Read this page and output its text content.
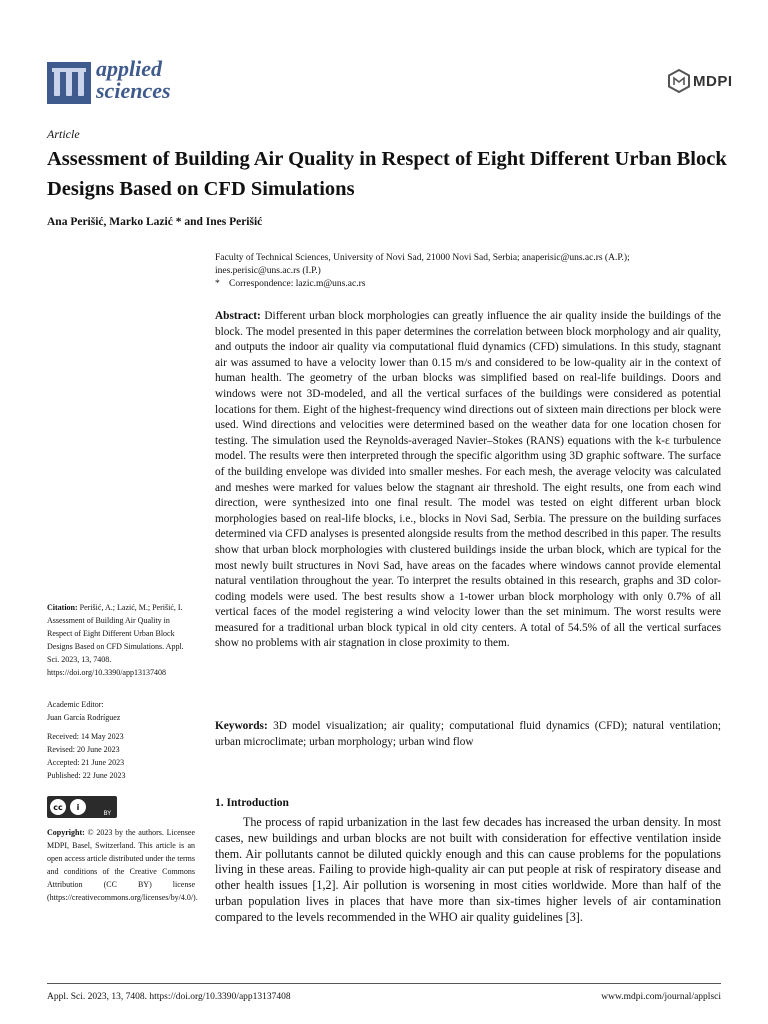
applied
sciences	MDPI
Article
Assessment of Building Air Quality in Respect of Eight Different Urban Block Designs Based on CFD Simulations
Ana Perišić, Marko Lazić * and Ines Perišić
Faculty of Technical Sciences, University of Novi Sad, 21000 Novi Sad, Serbia; anaperisic@uns.ac.rs (A.P.);
ines.perisic@uns.ac.rs (I.P.)
* Correspondence: lazic.m@uns.ac.rs
Abstract: Different urban block morphologies can greatly influence the air quality inside the buildings of the block. The model presented in this paper determines the correlation between block morphology and air quality, and outputs the indoor air quality via computational fluid dynamics (CFD) simulations. In this study, stagnant air was assumed to have a velocity lower than 0.15 m/s and considered to be low-quality air in the context of human health. The geometry of the urban blocks was simplified based on real-life buildings. Doors and windows were not 3D-modeled, and all the vertical surfaces of the buildings were considered as potential locations for them. Eight of the highest-frequency wind directions out of sixteen main directions per block were used. Wind directions and velocities were determined based on the weather data for one location chosen for testing. The simulation used the Reynolds-averaged Navier–Stokes (RANS) equations with the k-ε turbulence model. The results were then interpreted through the specific algorithm using 3D graphic software. The surface of the building envelope was divided into smaller meshes. For each mesh, the average velocity was calculated and meshes were marked for values below the stagnant air threshold. The eight results, one from each wind direction, were synthesized into one final result. The model was tested on eight different urban block morphologies based on real-life blocks, i.e., blocks in Novi Sad, Serbia. The pressure on the building surfaces determined via CFD analyses is presented alongside results from the method described in this paper. The results show that urban block morphologies with clustered buildings inside the urban block, which are typical for the most newly built structures in Novi Sad, have areas on the facades where windows cannot provide elemental natural ventilation throughout the year. To interpret the results obtained in this research, graphs and 3D color-coding models were used. The best results show a 1-tower urban block morphology with only 0.7% of all vertical faces of the model registering a wind velocity lower than the set minimum. The worst results were measured for a traditional urban block typical in old city centers. A total of 54.5% of all the vertical surfaces show no problems with air stagnation in close proximity to them.
Keywords: 3D model visualization; air quality; computational fluid dynamics (CFD); natural ventilation; urban microclimate; urban morphology; urban wind flow
1. Introduction
The process of rapid urbanization in the last few decades has increased the urban density. In most cases, new buildings and urban blocks are not built with consideration for effective ventilation inside them. Air pollutants cannot be diluted quickly enough and this can cause problems for the populations living in these areas. Failing to provide high-quality air can put people at risk of respiratory disease and other health issues [1,2]. Air pollution is worsening in most cities worldwide. More than half of the urban population lives in places that have more than six-times higher levels of air contamination compared to the levels recommended in the WHO air quality guidelines [3].
Citation: Perišić, A.; Lazić, M.; Perišić, I. Assessment of Building Air Quality in Respect of Eight Different Urban Block Designs Based on CFD Simulations. Appl. Sci. 2023, 13, 7408. https://doi.org/10.3390/app13137408
Academic Editor:
Juan García Rodríguez
Received: 14 May 2023
Revised: 20 June 2023
Accepted: 21 June 2023
Published: 22 June 2023
cc	i
BY
Copyright: © 2023 by the authors. Licensee MDPI, Basel, Switzerland. This article is an open access article distributed under the terms and conditions of the Creative Commons Attribution (CC BY) license (https://creativecommons.org/licenses/by/4.0/).
Appl. Sci. 2023, 13, 7408. https://doi.org/10.3390/app13137408	www.mdpi.com/journal/applsci
